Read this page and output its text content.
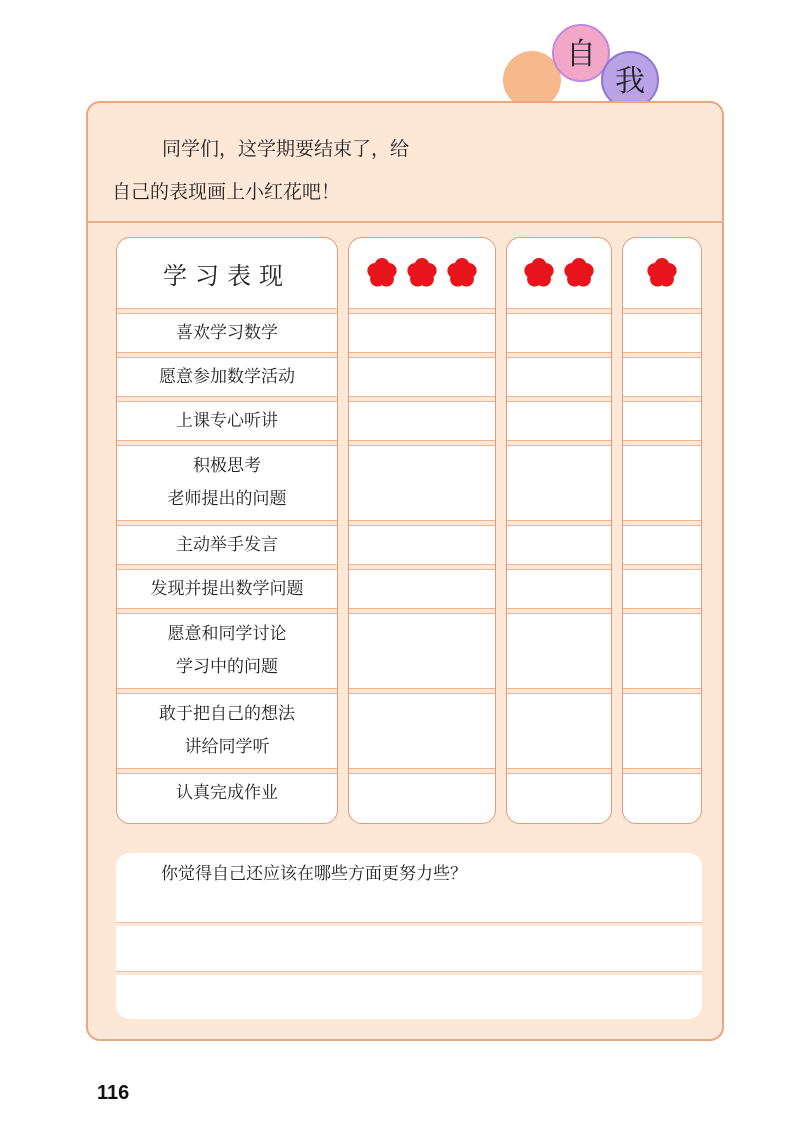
自
我
同学们，这学期要结束了，给
自己的表现画上小红花吧！
学习表现
喜欢学习数学
愿意参加数学活动
上课专心听讲
积极思考
老师提出的问题
主动举手发言
发现并提出数学问题
愿意和同学讨论
学习中的问题
敢于把自己的想法
讲给同学听
认真完成作业
你觉得自己还应该在哪些方面更努力些？
116
